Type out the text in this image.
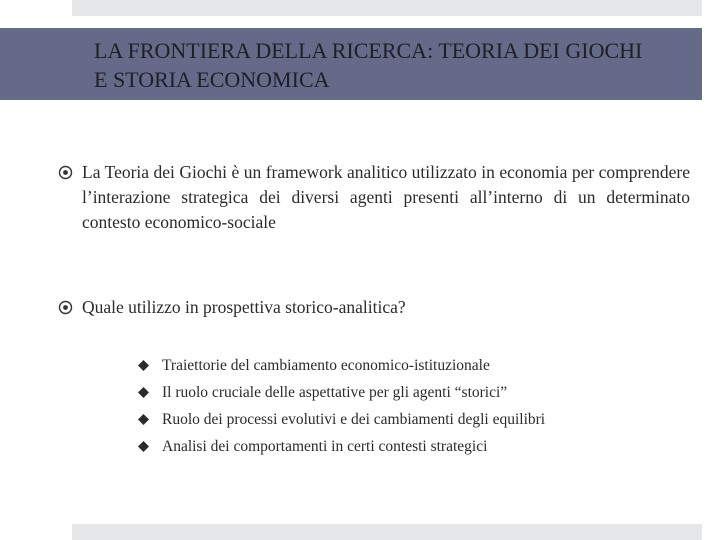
LA FRONTIERA DELLA RICERCA: TEORIA DEI GIOCHI E STORIA ECONOMICA
La Teoria dei Giochi è un framework analitico utilizzato in economia per comprendere l’interazione strategica dei diversi agenti presenti all’interno di un determinato contesto economico-sociale
Quale utilizzo in prospettiva storico-analitica?
Traiettorie del cambiamento economico-istituzionale
Il ruolo cruciale delle aspettative per gli agenti “storici”
Ruolo dei processi evolutivi e dei cambiamenti degli equilibri
Analisi dei comportamenti in certi contesti strategici
